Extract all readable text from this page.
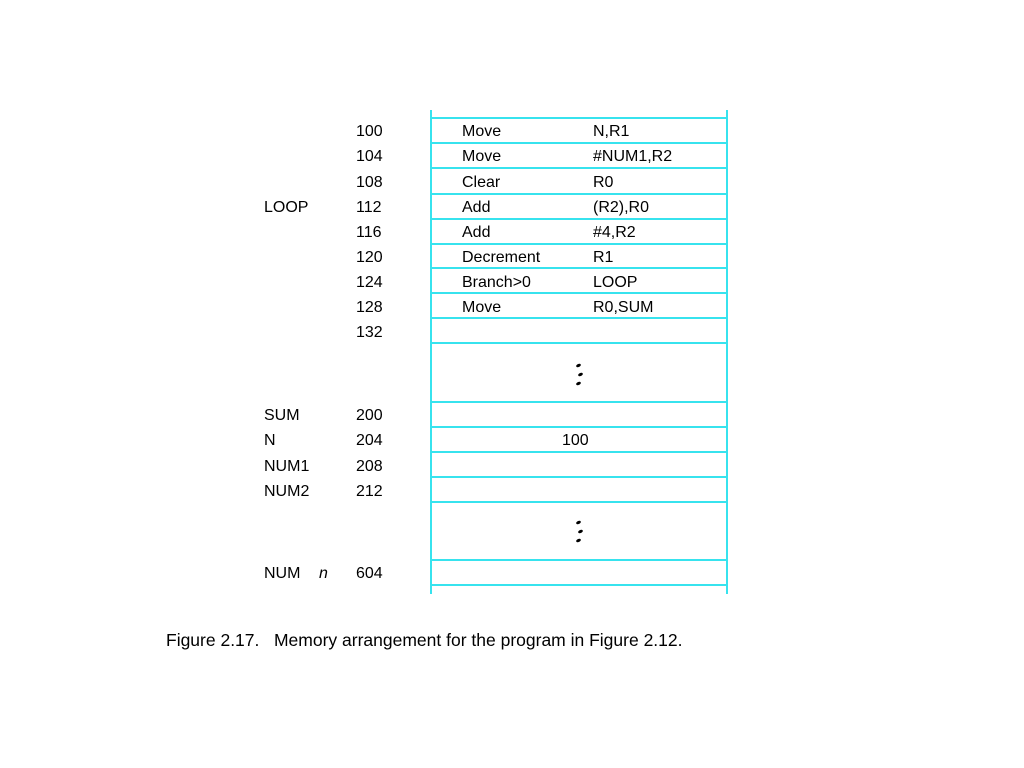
100	Move	N,R1
104	Move	#NUM1,R2
108	Clear	R0
LOOP	112	Add	(R2),R0
116	Add	#4,R2
120	Decrement	R1
124	Branch>0	LOOP
128	Move	R0,SUM
132
SUM	200
N	204	100
NUM1	208
NUM2	212
NUM n 604
Figure 2.17.   Memory arrangement for the program in Figure 2.12.
